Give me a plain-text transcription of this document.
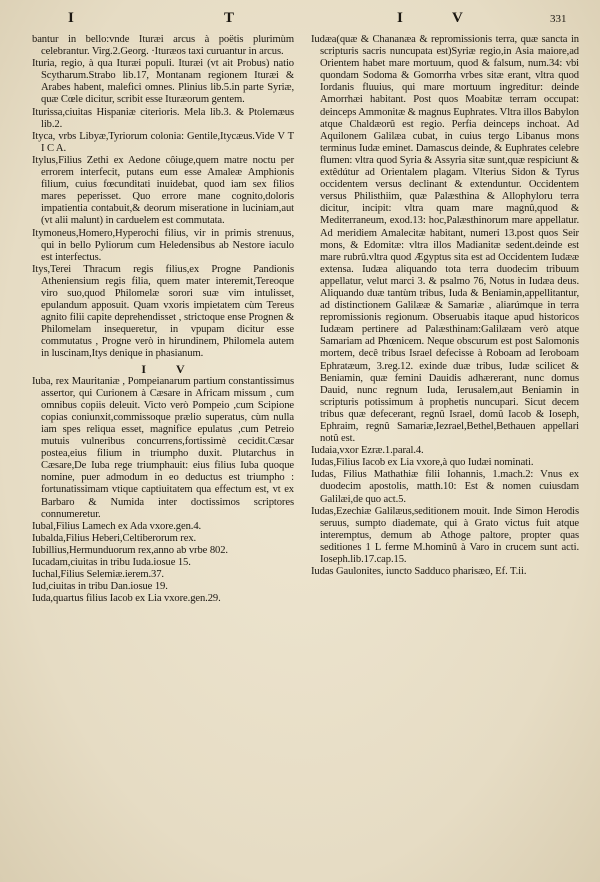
I	T	I	V	331
bantur in bello:vnde Ituræi arcus à poëtis plurimùm celebrantur. Virg.2.Georg. ·Ituræos taxi curuantur in arcus.
Ituria, regio, à qua Ituræi populi. Ituræi (vt ait Probus) natio Scytharum.Strabo lib.17, Montanam regionem Ituræi & Arabes habent, malefici omnes. Plinius lib.5.in parte Syriæ, quæ Cœle dicitur, scribit esse Ituræorum gentem.
Iturissa,ciuitas Hispaniæ citerioris. Mela lib.3. & Ptolemæus lib.2.
Ityca, vrbs Libyæ,Tyriorum colonia: Gentile,Itycæus.Vide V T I C A.
Itylus,Filius Zethi ex Aedone côiuge,quem matre noctu per errorem interfecit, putans eum esse Amaleæ Amphionis filium, cuius fœcunditati inuidebat, quod iam sex filios mares peperisset. Quo errore mane cognito,doloris impatientia contabuit,& deorum miseratione in luciniam,aut (vt alii malunt) in carduelem est commutata.
Itymoneus,Homero,Hyperochi filius, vir in primis strenuus, qui in bello Pyliorum cum Heledensibus ab Nestore iaculo est interfectus.
Itys,Terei Thracum regis filius,ex Progne Pandionis Atheniensium regis filia, quem mater interemit,Tereoque viro suo,quod Philomelæ sorori suæ vim intulisset, epulandum apposuit. Quam vxoris impietatem cùm Tereus agnito filii capite deprehendisset , strictoque ense Prognen & Philomelam insequeretur, in vpupam dicitur esse commutatus , Progne verò in hirundinem, Philomela autem in luscinam,Itys denique in phasianum.
IV
Iuba, rex Mauritaniæ , Pompeianarum partium constantissimus assertor, qui Curionem à Cæsare in Africam missum , cum omnibus copiis deleuit. Victo verò Pompeio ,cum Scipione copias coniunxit,commissoque prælio superatus, cùm nulla iam spes reliqua esset, magnifice epulatus ,cum Petreio mutuis vulneribus concurrens,fortissimè cecidit.Cæsar postea,eius filium in triumpho duxit. Plutarchus in Cæsare,De Iuba rege triumphauit: eius filius Iuba quoque nomine, puer admodum in eo deductus est triumpho : fortunatissimam vtique captiuitatem qua effectum est, vt ex Barbaro & Numida inter doctissimos scriptores connumeretur.
Iubal,Filius Lamech ex Ada vxore.gen.4.
Iubalda,Filius Heberi,Celtiberorum rex.
Iubillius,Hermunduorum rex,anno ab vrbe 802.
Iucadam,ciuitas in tribu Iuda.iosue 15.
Iuchal,Filius Selemiæ.ierem.37.
Iud,ciuitas in tribu Dan.iosue 19.
Iuda,quartus filius Iacob ex Lia vxore.gen.29.
Iudæa(quæ & Chananæa & repromissionis terra, quæ sancta in scripturis sacris nuncupata est)Syriæ regio,in Asia maiore,ad Orientem habet mare mortuum, quod & falsum, num.34: vbi quondam Sodoma & Gomorrha vrbes sitæ erant, vltra quod Iordanis fluuius, qui mare mortuum ingreditur: deinde Amorrhæi habitant. Post quos Moabitæ terram occupat: deinceps Ammonitæ & magnus Euphrates. Vltra illos Babylon atque Chaldæorû est regio. Perfia deinceps inchoat. Ad Aquilonem Galilæa cubat, in cuius tergo Libanus mons terminus Iudæ eminet. Damascus deinde, & Euphrates celebre flumen: vltra quod Syria & Assyria sitæ sunt,quæ respiciunt & extêdútur ad Orientalem plagam. Vlterius Sidon & Tyrus occidentem versus declinant & extenduntur. Occidentem versus Philisthiim, quæ Palæsthina & Allophyloru terra dicitur, incipit: vltra quam mare magnû,quod & Mediterraneum, exod.13: hoc,Palæsthinorum mare appellatur. Ad meridiem Amalecitæ habitant, numeri 13.post quos Seir mons, & Edomitæ: vltra illos Madianitæ sedent.deinde est mare rubrû.vltra quod Ægyptus sita est ad Occidentem Iudææ extensa. Iudæa aliquando tota terra duodecim tribuum appellatur, velut marci 3. & psalmo 76, Notus in Iudæa deus. Aliquando duæ tantùm tribus, Iuda & Beniamin,appellitantur, ad distinctionem Galilææ & Samariæ , aliarúmque in terra repromissionis regionum. Obseruabis itaque apud historicos Iudæam pertinere ad Palæsthinam:Galilæam verò atque Samariam ad Phœnicem. Neque obscurum est post Salomonis mortem, decê tribus Israel defecisse à Roboam ad Ieroboam Ephratæum, 3.reg.12. exinde duæ tribus, Iudæ scilicet & Beniamin, quæ femini Dauidis adhærerant, nunc domus Dauid, nunc regnum Iuda, Ierusalem,aut Beniamin in scripturis potissimum à prophetis nuncupari. Sicut decem tribus quæ defecerant, regnû Israel, domû Iacob & Ioseph, Ephraim, regnû Samariæ,Iezrael,Bethel,Bethauen appellari notû est.
Iudaia,vxor Ezræ.1.paral.4.
Iudas,Filius Iacob ex Lia vxore,à quo Iudæi nominati.
Iudas, Filius Mathathiæ filii Iohannis, 1.mach.2: Vnus ex duodecim apostolis, matth.10: Est & nomen cuiusdam Galilæi,de quo act.5.
Iudas,Ezechiæ Galilæus,seditionem mouit. Inde Simon Herodis seruus, sumpto diademate, qui à Grato victus fuit atque interemptus, demum ab Athoge paltore, propter quas seditiones 1 L ferme M.hominû à Varo in crucem sunt acti. Ioseph.lib.17.cap.15.
Iudas Gaulonites, iuncto Sadduco pharisæo, Ef. T.ii.
